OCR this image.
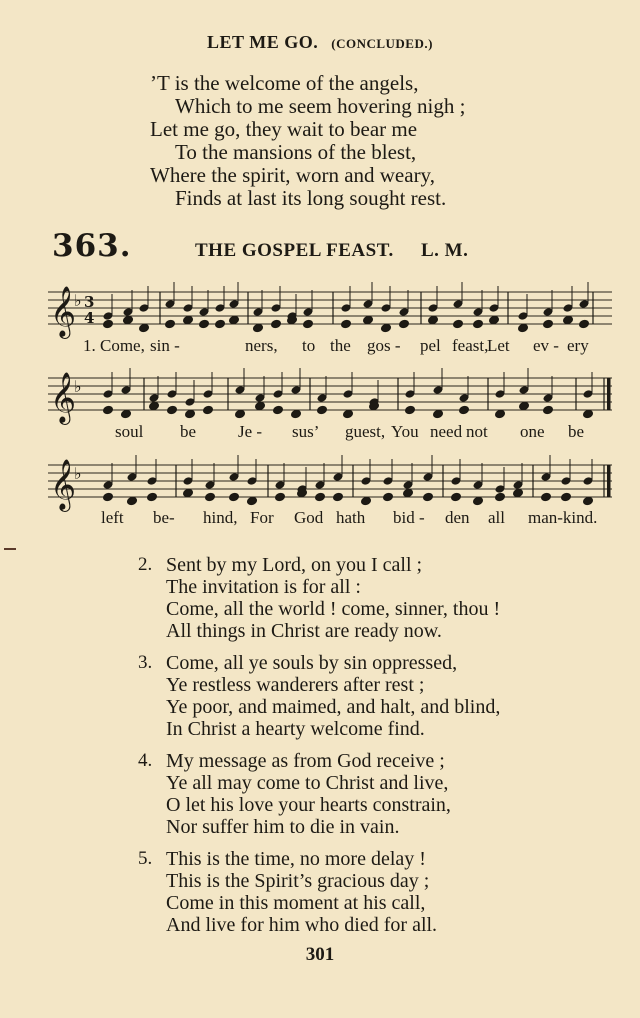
LET ME GO. (CONCLUDED.)
’T is the welcome of the angels,
Which to me seem hovering nigh ;
Let me go, they wait to bear me
To the mansions of the blest,
Where the spirit, worn and weary,
Finds at last its long sought rest.
363.	THE GOSPEL FEAST. L. M.
𝄞
♭ 3
4
𝄞
♭
𝄞
♭
1. Come, sin -	ners, to the gos - pel feast,
Let ev - ery
soul be Je - sus’ guest, You need not one be
left be- hind, For God hath bid - den all man-kind.
2. Sent by my Lord, on you I call ;
The invitation is for all :
Come, all the world ! come, sinner, thou !
All things in Christ are ready now.
3. Come, all ye souls by sin oppressed,
Ye restless wanderers after rest ;
Ye poor, and maimed, and halt, and blind,
In Christ a hearty welcome find.
4. My message as from God receive ;
Ye all may come to Christ and live,
O let his love your hearts constrain,
Nor suffer him to die in vain.
5. This is the time, no more delay !
This is the Spirit’s gracious day ;
Come in this moment at his call,
And live for him who died for all.
301
